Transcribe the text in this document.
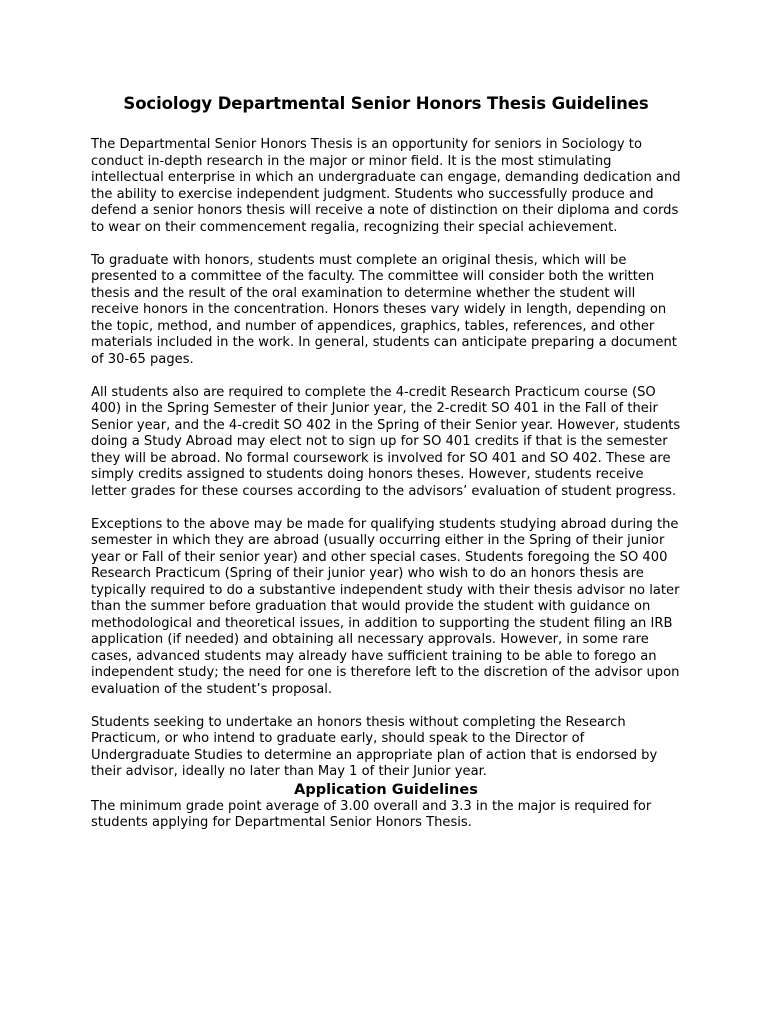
Sociology Departmental Senior Honors Thesis Guidelines

The Departmental Senior Honors Thesis is an opportunity for seniors in Sociology to conduct in-depth research in the major or minor field. It is the most stimulating intellectual enterprise in which an undergraduate can engage, demanding dedication and the ability to exercise independent judgment. Students who successfully produce and defend a senior honors thesis will receive a note of distinction on their diploma and cords to wear on their commencement regalia, recognizing their special achievement.

To graduate with honors, students must complete an original thesis, which will be presented to a committee of the faculty. The committee will consider both the written thesis and the result of the oral examination to determine whether the student will receive honors in the concentration. Honors theses vary widely in length, depending on the topic, method, and number of appendices, graphics, tables, references, and other materials included in the work. In general, students can anticipate preparing a document of 30-65 pages.

All students also are required to complete the 4-credit Research Practicum course (SO 400) in the Spring Semester of their Junior year, the 2-credit SO 401 in the Fall of their Senior year, and the 4-credit SO 402 in the Spring of their Senior year. However, students doing a Study Abroad may elect not to sign up for SO 401 credits if that is the semester they will be abroad. No formal coursework is involved for SO 401 and SO 402. These are simply credits assigned to students doing honors theses. However, students receive letter grades for these courses according to the advisors’ evaluation of student progress.

Exceptions to the above may be made for qualifying students studying abroad during the semester in which they are abroad (usually occurring either in the Spring of their junior year or Fall of their senior year) and other special cases. Students foregoing the SO 400 Research Practicum (Spring of their junior year) who wish to do an honors thesis are typically required to do a substantive independent study with their thesis advisor no later than the summer before graduation that would provide the student with guidance on methodological and theoretical issues, in addition to supporting the student filing an IRB application (if needed) and obtaining all necessary approvals. However, in some rare cases, advanced students may already have sufficient training to be able to forego an independent study; the need for one is therefore left to the discretion of the advisor upon evaluation of the student’s proposal.

Students seeking to undertake an honors thesis without completing the Research Practicum, or who intend to graduate early, should speak to the Director of Undergraduate Studies to determine an appropriate plan of action that is endorsed by their advisor, ideally no later than May 1 of their Junior year.

Application Guidelines

The minimum grade point average of 3.00 overall and 3.3 in the major is required for students applying for Departmental Senior Honors Thesis.
